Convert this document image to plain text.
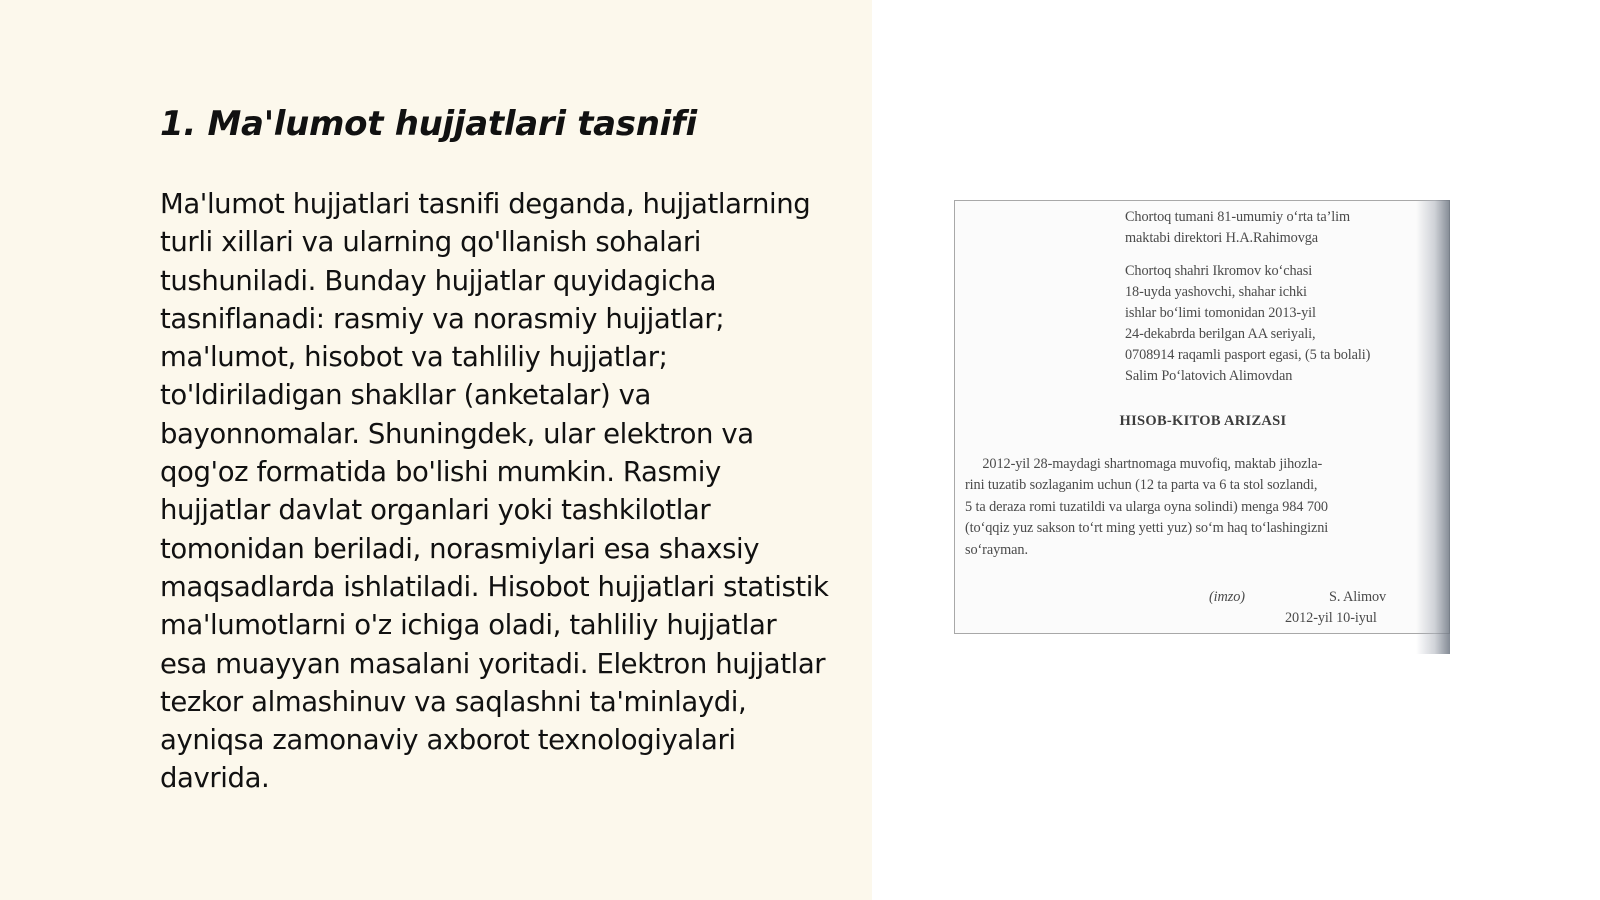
1. Ma'lumot hujjatlari tasnifi

Ma'lumot hujjatlari tasnifi deganda, hujjatlarning turli xillari va ularning qo'llanish sohalari tushuniladi. Bunday hujjatlar quyidagicha tasniflanadi: rasmiy va norasmiy hujjatlar; ma'lumot, hisobot va tahliliy hujjatlar; to'ldiriladigan shakllar (anketalar) va bayonnomalar. Shuningdek, ular elektron va qog'oz formatida bo'lishi mumkin. Rasmiy hujjatlar davlat organlari yoki tashkilotlar tomonidan beriladi, norasmiylari esa shaxsiy maqsadlarda ishlatiladi. Hisobot hujjatlari statistik ma'lumotlarni o'z ichiga oladi, tahliliy hujjatlar esa muayyan masalani yoritadi. Elektron hujjatlar tezkor almashinuv va saqlashni ta'minlaydi, ayniqsa zamonaviy axborot texnologiyalari davrida.

Chortoq tumani 81-umumiy o‘rta ta’lim
maktabi direktori H.A.Rahimovga
Chortoq shahri Ikromov ko‘chasi
18-uyda yashovchi, shahar ichki
ishlar bo‘limi tomonidan 2013-yil
24-dekabrda berilgan AA seriyali,
0708914 raqamli pasport egasi, (5 ta bolali)
Salim Po‘latovich Alimovdan
HISOB-KITOB ARIZASI
2012-yil 28-maydagi shartnomaga muvofiq, maktab jihozla-
rini tuzatib sozlaganim uchun (12 ta parta va 6 ta stol sozlandi,
5 ta deraza romi tuzatildi va ularga oyna solindi) menga 984 700
(to‘qqiz yuz sakson to‘rt ming yetti yuz) so‘m haq to‘lashingizni
so‘rayman.
(imzo)	S. Alimov
2012-yil 10-iyul
